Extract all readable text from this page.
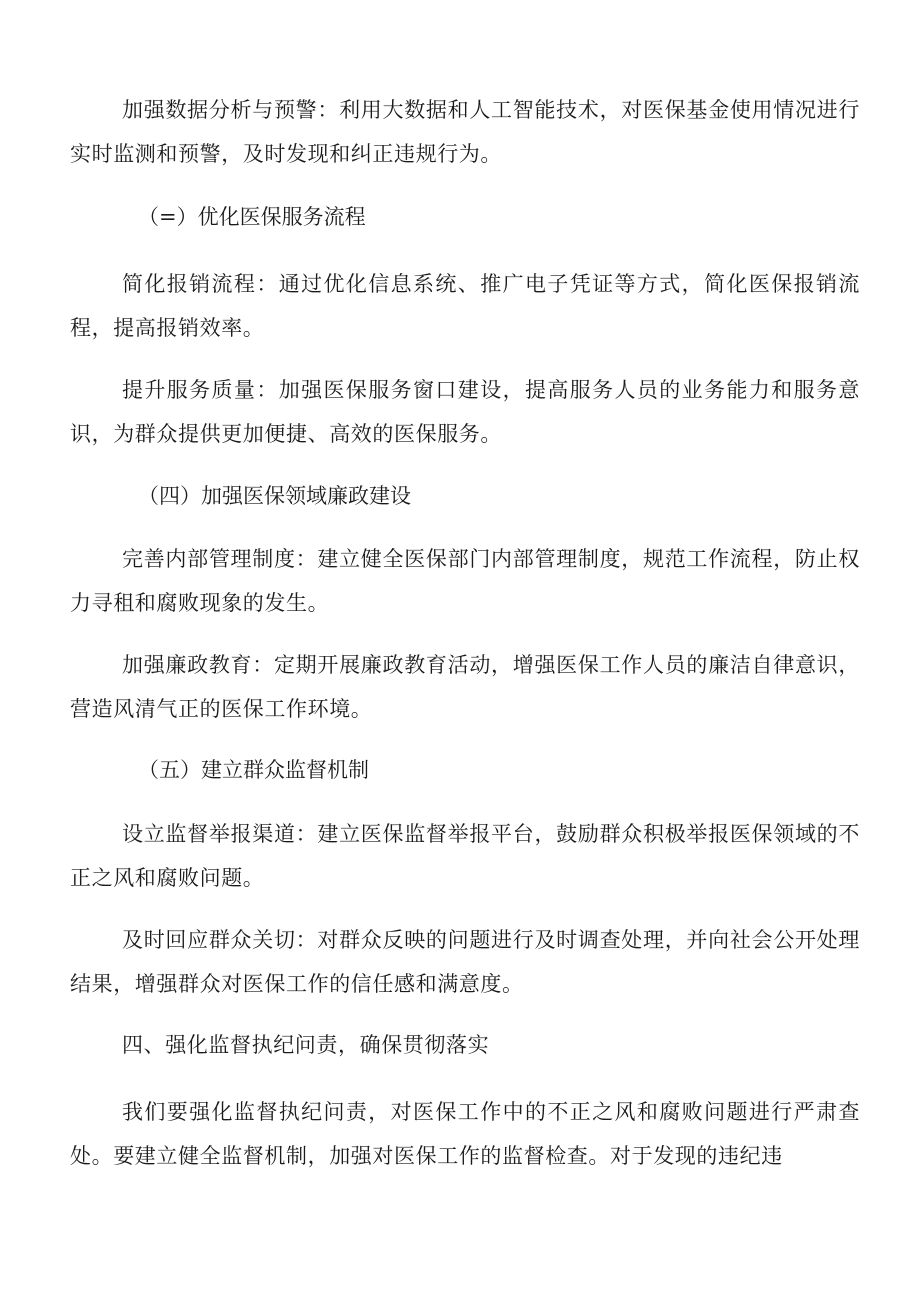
加强数据分析与预警：利用大数据和人工智能技术，对医保基金使用情况进行实时监测和预警，及时发现和纠正违规行为。

（=）优化医保服务流程

简化报销流程：通过优化信息系统、推广电子凭证等方式，简化医保报销流程，提高报销效率。

提升服务质量：加强医保服务窗口建设，提高服务人员的业务能力和服务意识，为群众提供更加便捷、高效的医保服务。

（四）加强医保领域廉政建设

完善内部管理制度：建立健全医保部门内部管理制度，规范工作流程，防止权力寻租和腐败现象的发生。

加强廉政教育：定期开展廉政教育活动，增强医保工作人员的廉洁自律意识，营造风清气正的医保工作环境。

（五）建立群众监督机制

设立监督举报渠道：建立医保监督举报平台，鼓励群众积极举报医保领域的不正之风和腐败问题。

及时回应群众关切：对群众反映的问题进行及时调查处理，并向社会公开处理结果，增强群众对医保工作的信任感和满意度。

四、强化监督执纪问责，确保贯彻落实

我们要强化监督执纪问责，对医保工作中的不正之风和腐败问题进行严肃查处。要建立健全监督机制，加强对医保工作的监督检查。对于发现的违纪违
